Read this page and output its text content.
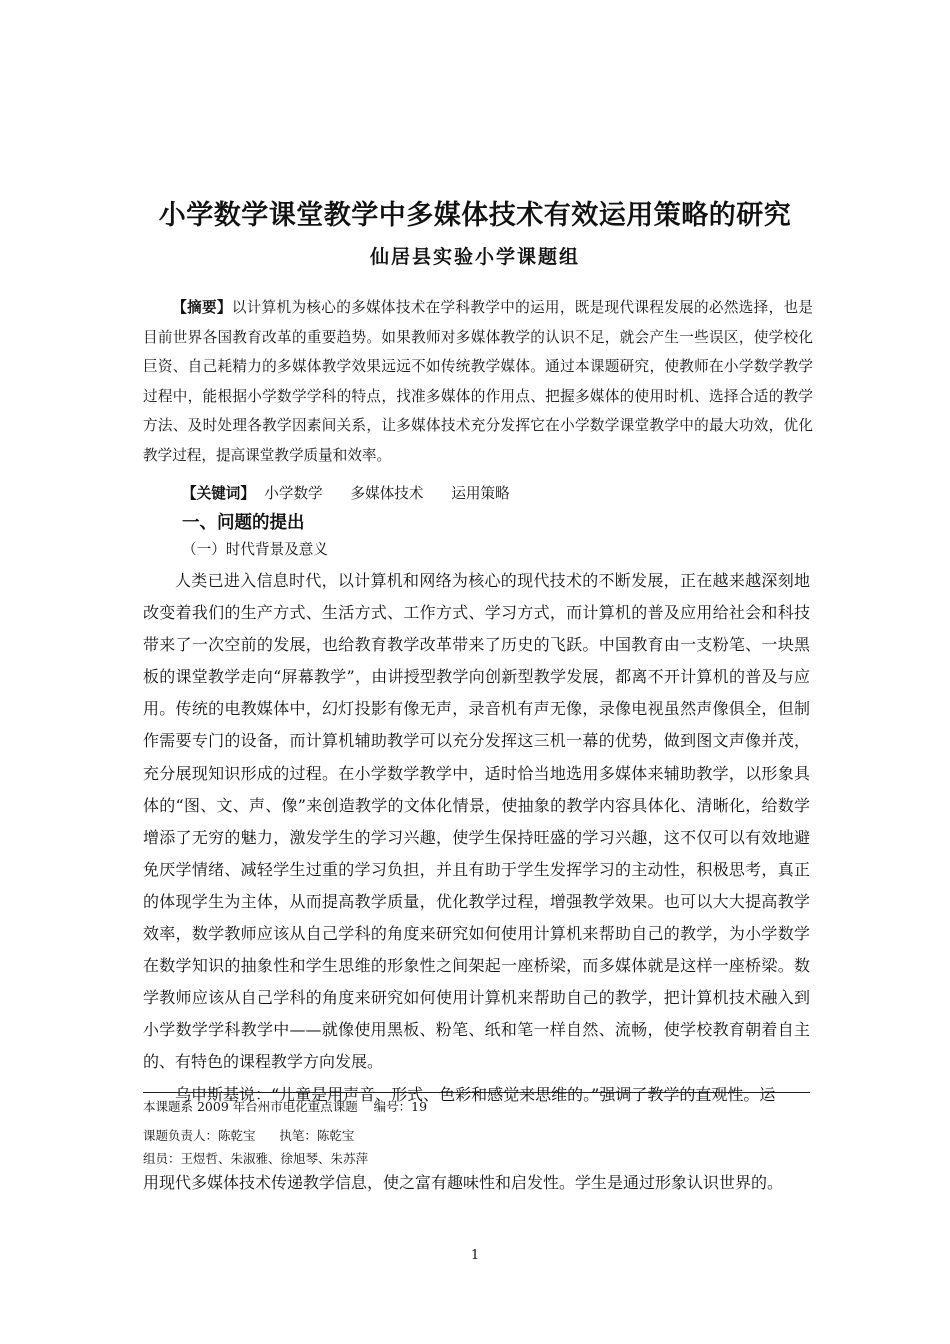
小学数学课堂教学中多媒体技术有效运用策略的研究
仙居县实验小学课题组
【摘要】以计算机为核心的多媒体技术在学科教学中的运用，既是现代课程发展的必然选择，也是目前世界各国教育改革的重要趋势。如果教师对多媒体教学的认识不足，就会产生一些误区，使学校化巨资、自己耗精力的多媒体教学效果远远不如传统教学媒体。通过本课题研究，使教师在小学数学教学过程中，能根据小学数学学科的特点，找准多媒体的作用点、把握多媒体的使用时机、选择合适的教学方法、及时处理各教学因素间关系，让多媒体技术充分发挥它在小学数学课堂教学中的最大功效，优化教学过程，提高课堂教学质量和效率。
【关键词】 小学数学 多媒体技术 运用策略
一、问题的提出
（一）时代背景及意义

人类已进入信息时代，以计算机和网络为核心的现代技术的不断发展，正在越来越深刻地改变着我们的生产方式、生活方式、工作方式、学习方式，而计算机的普及应用给社会和科技带来了一次空前的发展，也给教育教学改革带来了历史的飞跃。中国教育由一支粉笔、一块黑板的课堂教学走向“屏幕教学”，由讲授型教学向创新型教学发展，都离不开计算机的普及与应用。传统的电教媒体中，幻灯投影有像无声，录音机有声无像，录像电视虽然声像俱全，但制作需要专门的设备，而计算机辅助教学可以充分发挥这三机一幕的优势，做到图文声像并茂，充分展现知识形成的过程。在小学数学教学中，适时恰当地选用多媒体来辅助教学，以形象具体的“图、文、声、像”来创造教学的文体化情景，使抽象的教学内容具体化、清晰化，给数学增添了无穷的魅力，激发学生的学习兴趣，使学生保持旺盛的学习兴趣，这不仅可以有效地避免厌学情绪、减轻学生过重的学习负担，并且有助于学生发挥学习的主动性，积极思考，真正的体现学生为主体，从而提高教学质量，优化教学过程，增强教学效果。也可以大大提高教学效率，数学教师应该从自己学科的角度来研究如何使用计算机来帮助自己的教学，为小学数学在数学知识的抽象性和学生思维的形象性之间架起一座桥梁，而多媒体就是这样一座桥梁。数学教师应该从自己学科的角度来研究如何使用计算机来帮助自己的教学，把计算机技术融入到小学数学学科教学中——就像使用黑板、粉笔、纸和笔一样自然、流畅，使学校教育朝着自主的、有特色的课程教学方向发展。

乌申斯基说：“儿童是用声音、形式、色彩和感觉来思维的。”强调了教学的直观性。运

本课题系 2009 年台州市电化重点课题    编号：19
课题负责人：陈乾宝      执笔：陈乾宝
组员：王煜哲、朱淑雅、徐旭琴、朱苏萍
用现代多媒体技术传递教学信息，使之富有趣味性和启发性。学生是通过形象认识世界的。
1
